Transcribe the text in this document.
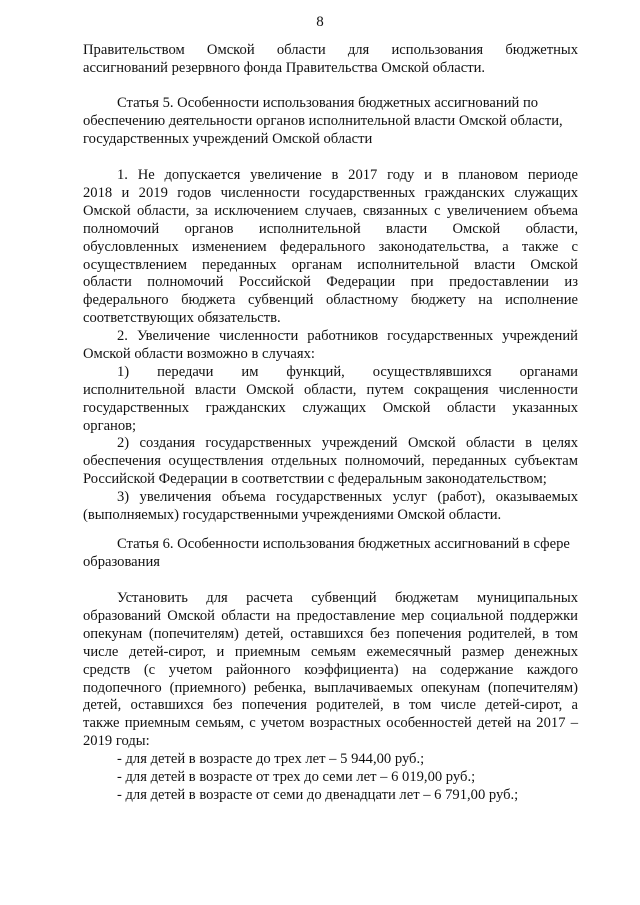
8

Правительством Омской области для использования бюджетных

ассигнований резервного фонда Правительства Омской области.

Статья 5. Особенности использования бюджетных ассигнований по обеспечению деятельности органов исполнительной власти Омской области, государственных учреждений Омской области

1. Не допускается увеличение в 2017 году и в плановом периоде

2018 и 2019 годов численности государственных гражданских служащих

Омской области, за исключением случаев, связанных с увеличением объема

полномочий органов исполнительной власти Омской области,

обусловленных изменением федерального законодательства, а также с

осуществлением переданных органам исполнительной власти Омской

области полномочий Российской Федерации при предоставлении из

федерального бюджета субвенций областному бюджету на исполнение

соответствующих обязательств.

2. Увеличение численности работников государственных учреждений

Омской области возможно в случаях:

1) передачи им функций, осуществлявшихся органами

исполнительной власти Омской области, путем сокращения численности

государственных гражданских служащих Омской области указанных

органов;

2) создания государственных учреждений Омской области в целях

обеспечения осуществления отдельных полномочий, переданных субъектам

Российской Федерации в соответствии с федеральным законодательством;

3) увеличения объема государственных услуг (работ), оказываемых

(выполняемых) государственными учреждениями Омской области.

Статья 6. Особенности использования бюджетных ассигнований в сфере образования

Установить для расчета субвенций бюджетам муниципальных

образований Омской области на предоставление мер социальной поддержки

опекунам (попечителям) детей, оставшихся без попечения родителей, в том

числе детей-сирот, и приемным семьям ежемесячный размер денежных

средств (с учетом районного коэффициента) на содержание каждого

подопечного (приемного) ребенка, выплачиваемых опекунам (попечителям)

детей, оставшихся без попечения родителей, в том числе детей-сирот, а

также приемным семьям, с учетом возрастных особенностей детей на 2017 –

2019 годы:

- для детей в возрасте до трех лет – 5 944,00 руб.;

- для детей в возрасте от трех до семи лет – 6 019,00 руб.;

- для детей в возрасте от семи до двенадцати лет – 6 791,00 руб.;
